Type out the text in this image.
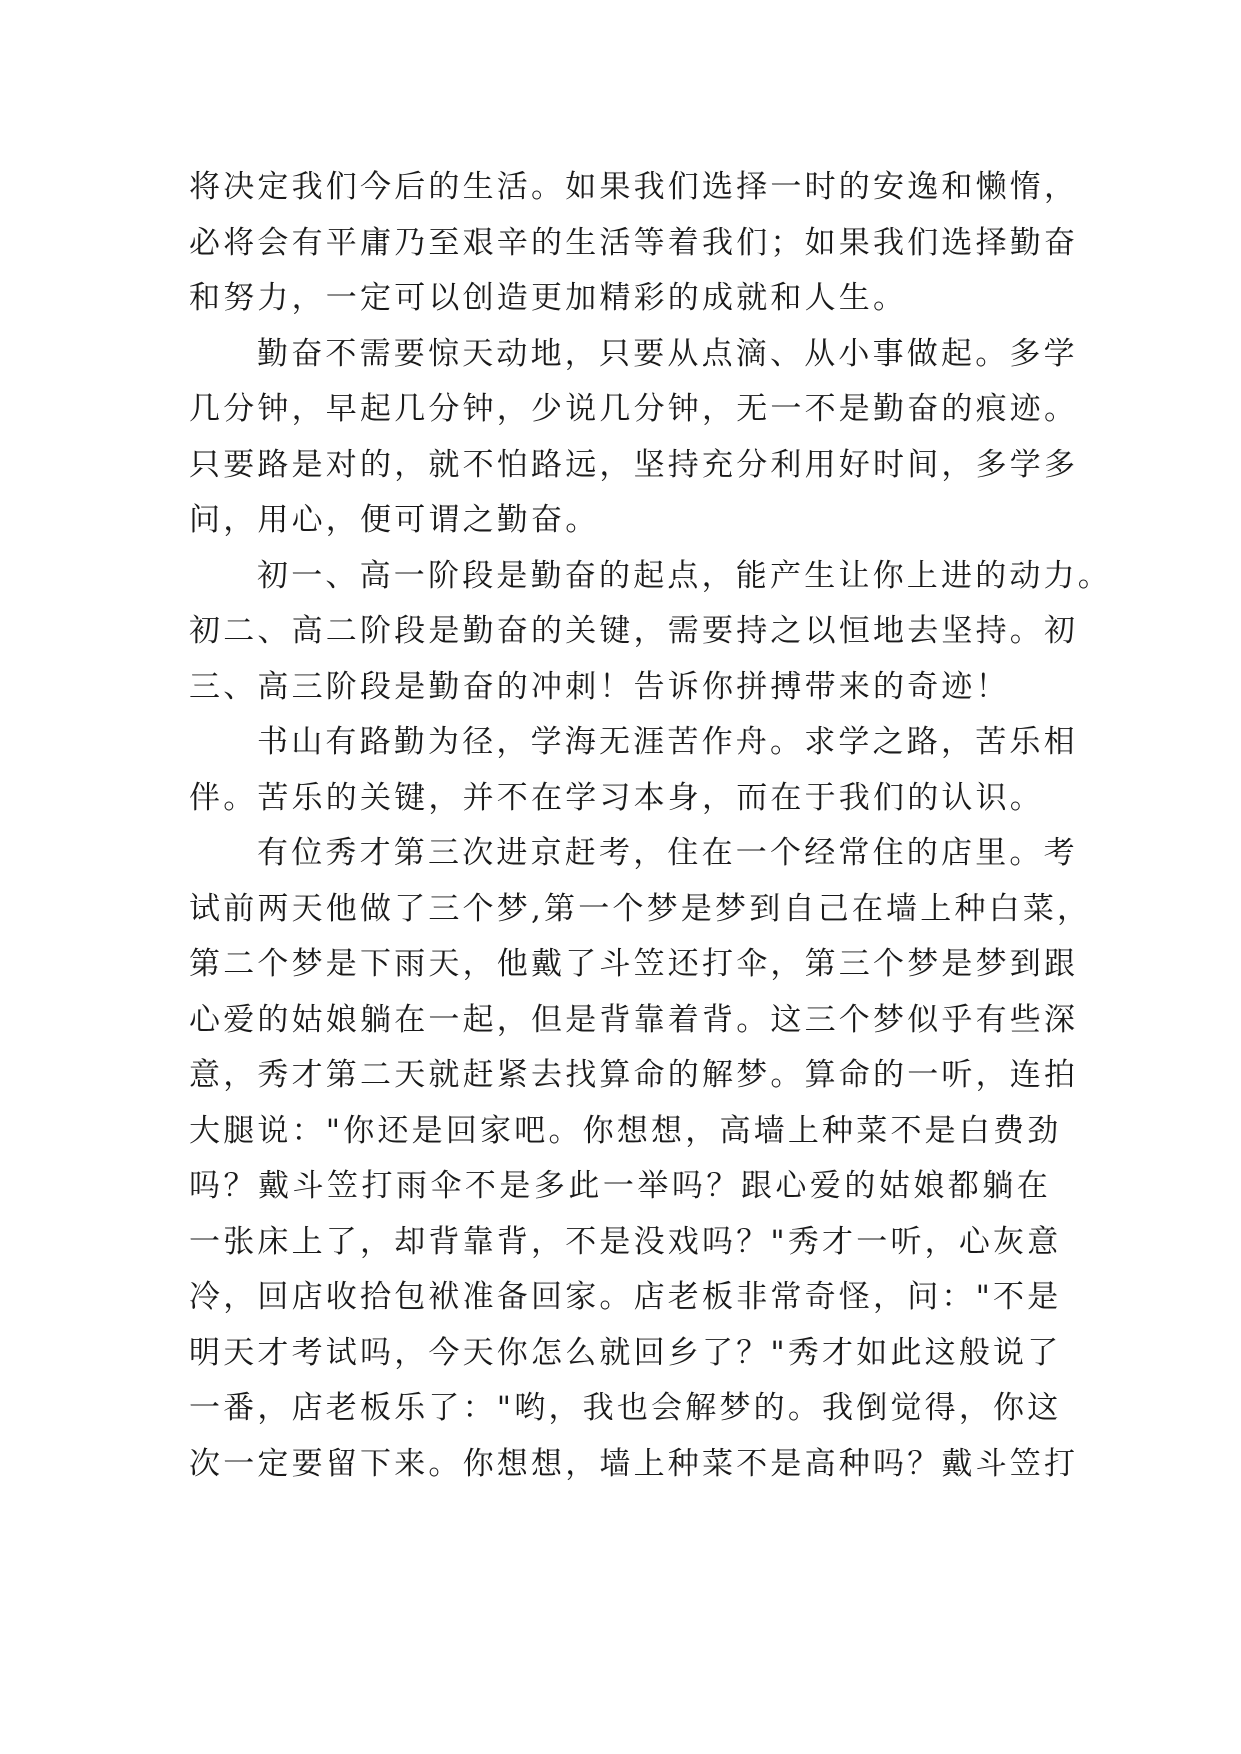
将决定我们今后的生活。如果我们选择一时的安逸和懒惰，
必将会有平庸乃至艰辛的生活等着我们；如果我们选择勤奋
和努力，一定可以创造更加精彩的成就和人生。
勤奋不需要惊天动地，只要从点滴、从小事做起。多学
几分钟，早起几分钟，少说几分钟，无一不是勤奋的痕迹。
只要路是对的，就不怕路远，坚持充分利用好时间，多学多
问，用心，便可谓之勤奋。
初一、高一阶段是勤奋的起点，能产生让你上进的动力。
初二、高二阶段是勤奋的关键，需要持之以恒地去坚持。初
三、高三阶段是勤奋的冲刺！告诉你拼搏带来的奇迹！
书山有路勤为径，学海无涯苦作舟。求学之路，苦乐相
伴。苦乐的关键，并不在学习本身，而在于我们的认识。
有位秀才第三次进京赶考，住在一个经常住的店里。考
试前两天他做了三个梦,第一个梦是梦到自己在墙上种白菜，
第二个梦是下雨天，他戴了斗笠还打伞，第三个梦是梦到跟
心爱的姑娘躺在一起，但是背靠着背。这三个梦似乎有些深
意，秀才第二天就赶紧去找算命的解梦。算命的一听，连拍
大腿说："你还是回家吧。你想想，高墙上种菜不是白费劲
吗？戴斗笠打雨伞不是多此一举吗？跟心爱的姑娘都躺在
一张床上了，却背靠背，不是没戏吗？"秀才一听，心灰意
冷，回店收拾包袱准备回家。店老板非常奇怪，问："不是
明天才考试吗，今天你怎么就回乡了？"秀才如此这般说了
一番，店老板乐了："哟，我也会解梦的。我倒觉得，你这
次一定要留下来。你想想，墙上种菜不是高种吗？戴斗笠打
